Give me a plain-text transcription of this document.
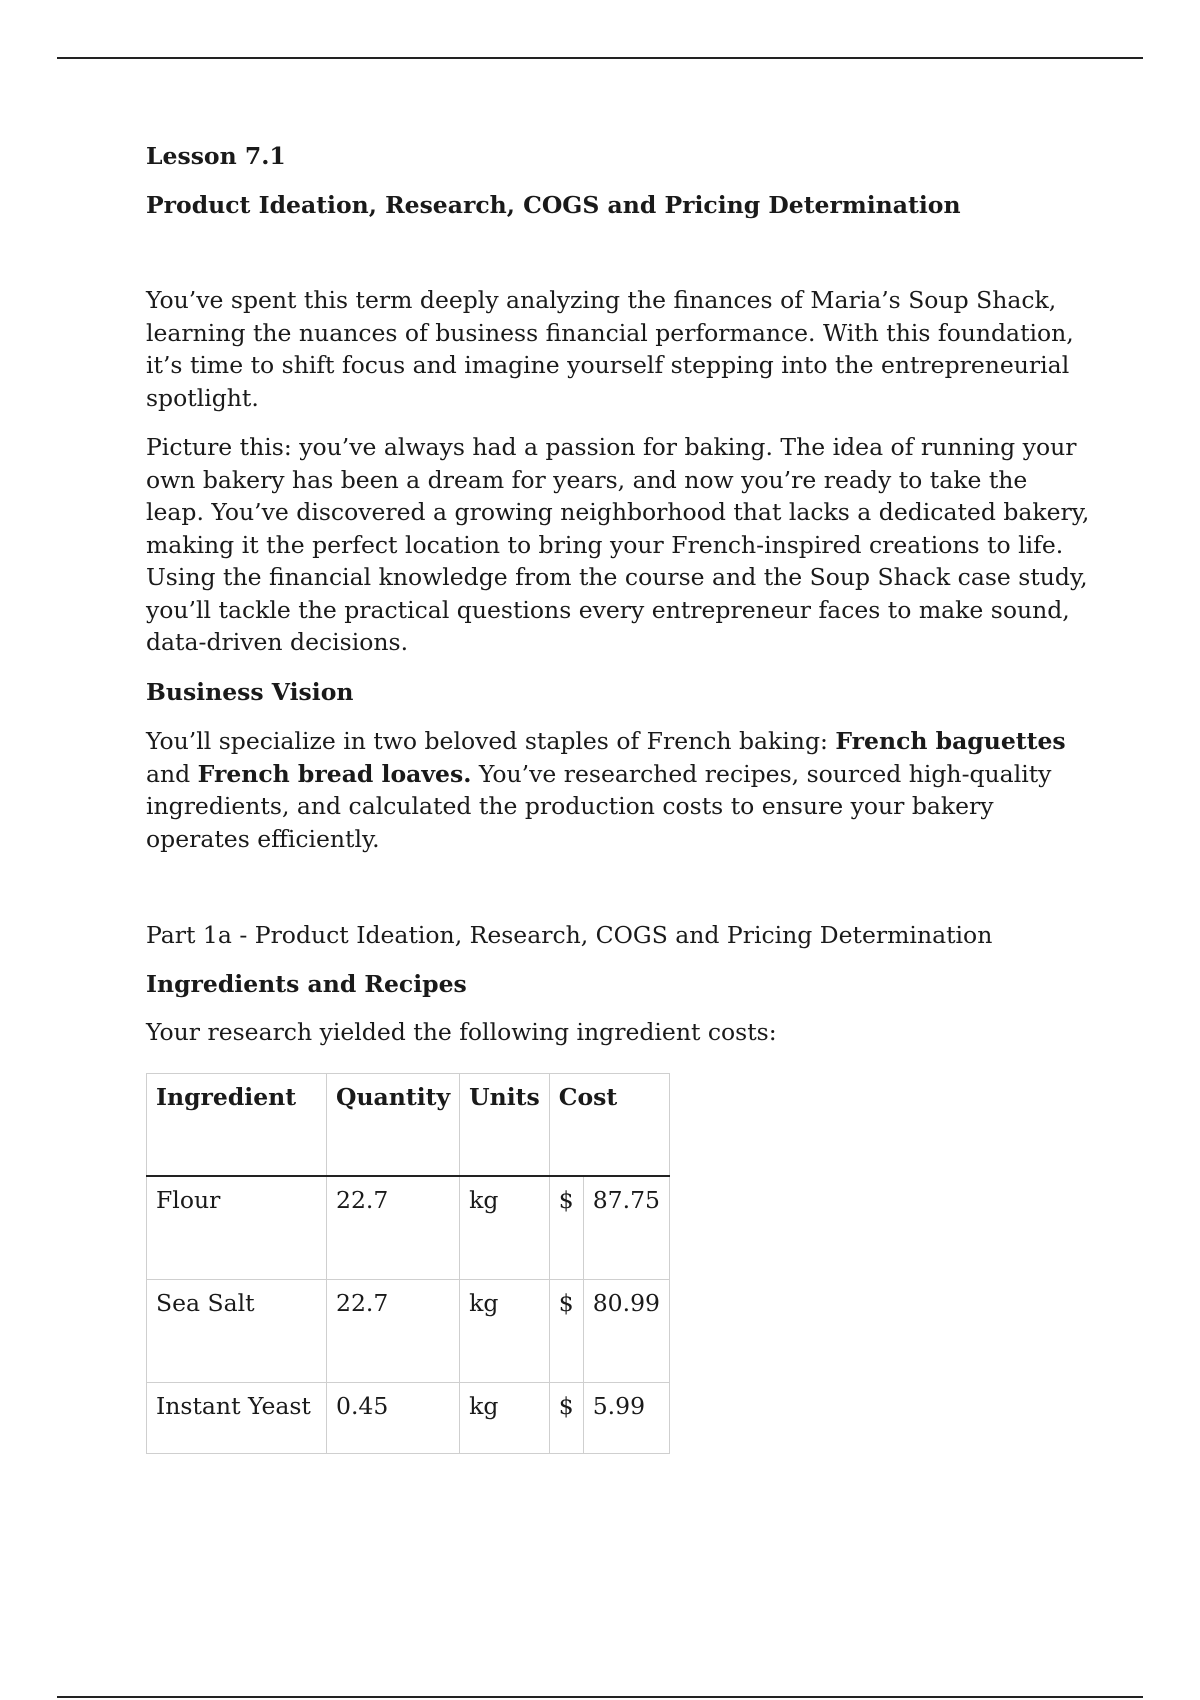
Lesson 7.1

Product Ideation, Research, COGS and Pricing Determination

You’ve spent this term deeply analyzing the finances of Maria’s Soup Shack, learning the nuances of business financial performance. With this foundation, it’s time to shift focus and imagine yourself stepping into the entrepreneurial spotlight.

Picture this: you’ve always had a passion for baking. The idea of running your own bakery has been a dream for years, and now you’re ready to take the leap. You’ve discovered a growing neighborhood that lacks a dedicated bakery, making it the perfect location to bring your French-inspired creations to life. Using the financial knowledge from the course and the Soup Shack case study, you’ll tackle the practical questions every entrepreneur faces to make sound, data-driven decisions.

Business Vision

You’ll specialize in two beloved staples of French baking: French baguettes and French bread loaves. You’ve researched recipes, sourced high-quality ingredients, and calculated the production costs to ensure your bakery operates efficiently.

Part 1a - Product Ideation, Research, COGS and Pricing Determination

Ingredients and Recipes

Your research yielded the following ingredient costs:

Ingredient	Quantity	Units	Cost	
Flour	22.7	kg	$	87.75
Sea Salt	22.7	kg	$	80.99
Instant Yeast	0.45	kg	$	5.99
